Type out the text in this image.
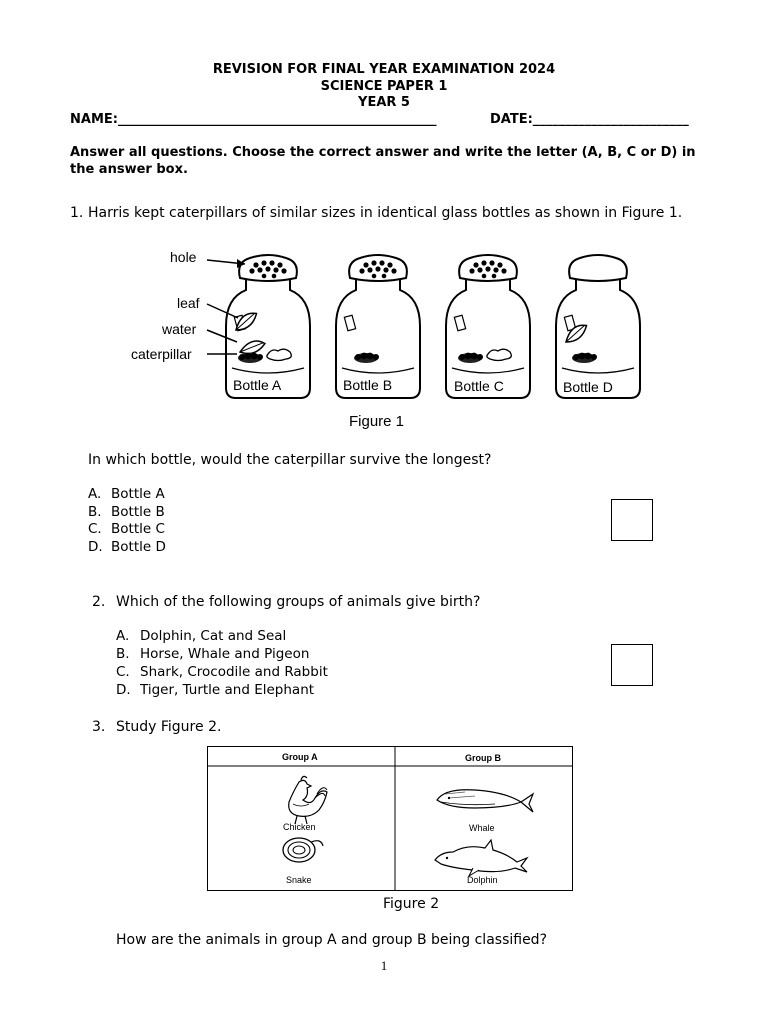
REVISION FOR FINAL YEAR EXAMINATION 2024
SCIENCE PAPER 1
YEAR 5
NAME:_________________________________________________	DATE:________________________
Answer all questions. Choose the correct answer and write the letter (A, B, C or D) in the answer box.
1. Harris kept caterpillars of similar sizes in identical glass bottles as shown in Figure 1.
hole
leaf
water
caterpillar
Bottle A	Bottle B	Bottle C	Bottle D
Figure 1
In which bottle, would the caterpillar survive the longest?
A. Bottle A
B. Bottle B
C. Bottle C
D. Bottle D
2. Which of the following groups of animals give birth?
A. Dolphin, Cat and Seal
B. Horse, Whale and Pigeon
C. Shark, Crocodile and Rabbit
D. Tiger, Turtle and Elephant
3. Study Figure 2.
Group A	Group B
Chicken
Snake
Whale
Dolphin
Figure 2
How are the animals in group A and group B being classified?
1
